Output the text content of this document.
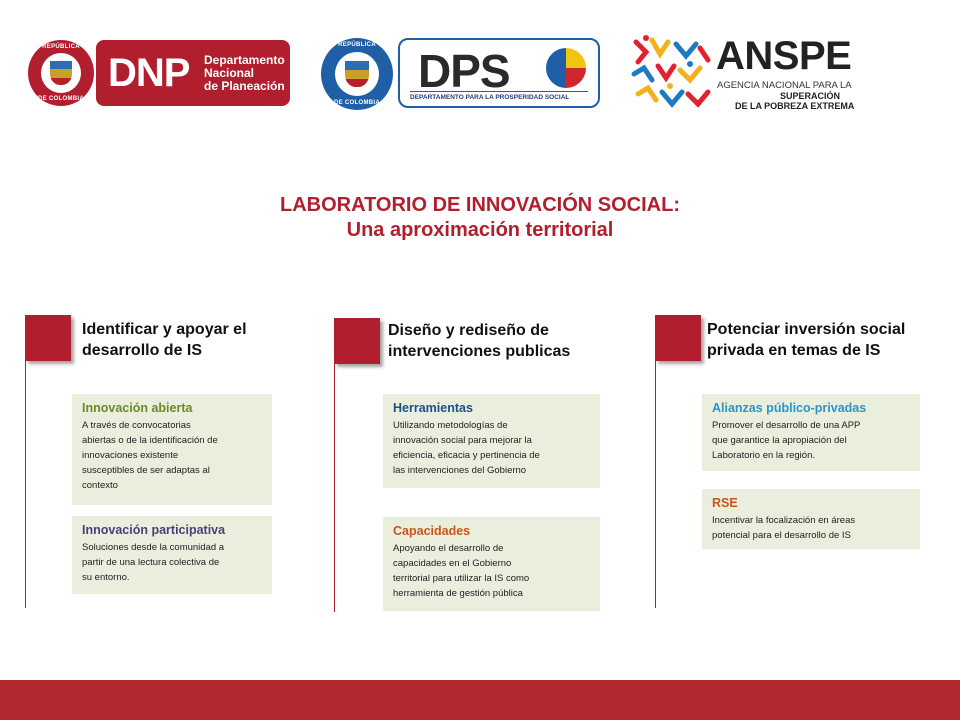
REPÚBLICA
DE COLOMBIA
DNP	Departamento
Nacional
de Planeación
REPÚBLICA
DE COLOMBIA
DPS
DEPARTAMENTO PARA LA PROSPERIDAD SOCIAL
ANSPE
AGENCIA NACIONAL PARA LA
SUPERACIÓN
DE LA POBREZA EXTREMA
LABORATORIO DE INNOVACIÓN SOCIAL:
Una aproximación territorial
Identificar y apoyar el
desarrollo de IS
Innovación abierta
A través de convocatorias
abiertas o de la identificación de
innovaciones existente
susceptibles de ser adaptas al
contexto
Innovación participativa
Soluciones desde la comunidad a
partir de una lectura colectiva de
su entorno.
Diseño y rediseño de
intervenciones publicas
Herramientas
Utilizando metodologías de
innovación social para mejorar la
eficiencia, eficacia y pertinencia de
las intervenciones del Gobierno
Capacidades
Apoyando el desarrollo de
capacidades en el Gobierno
territorial para utilizar la IS como
herramienta de gestión pública
Potenciar inversión social
privada en temas de IS
Alianzas público-privadas
Promover el desarrollo de una APP
que garantice la apropiación del
Laboratorio en la región.
RSE
Incentivar la focalización en áreas
potencial para el desarrollo de IS
